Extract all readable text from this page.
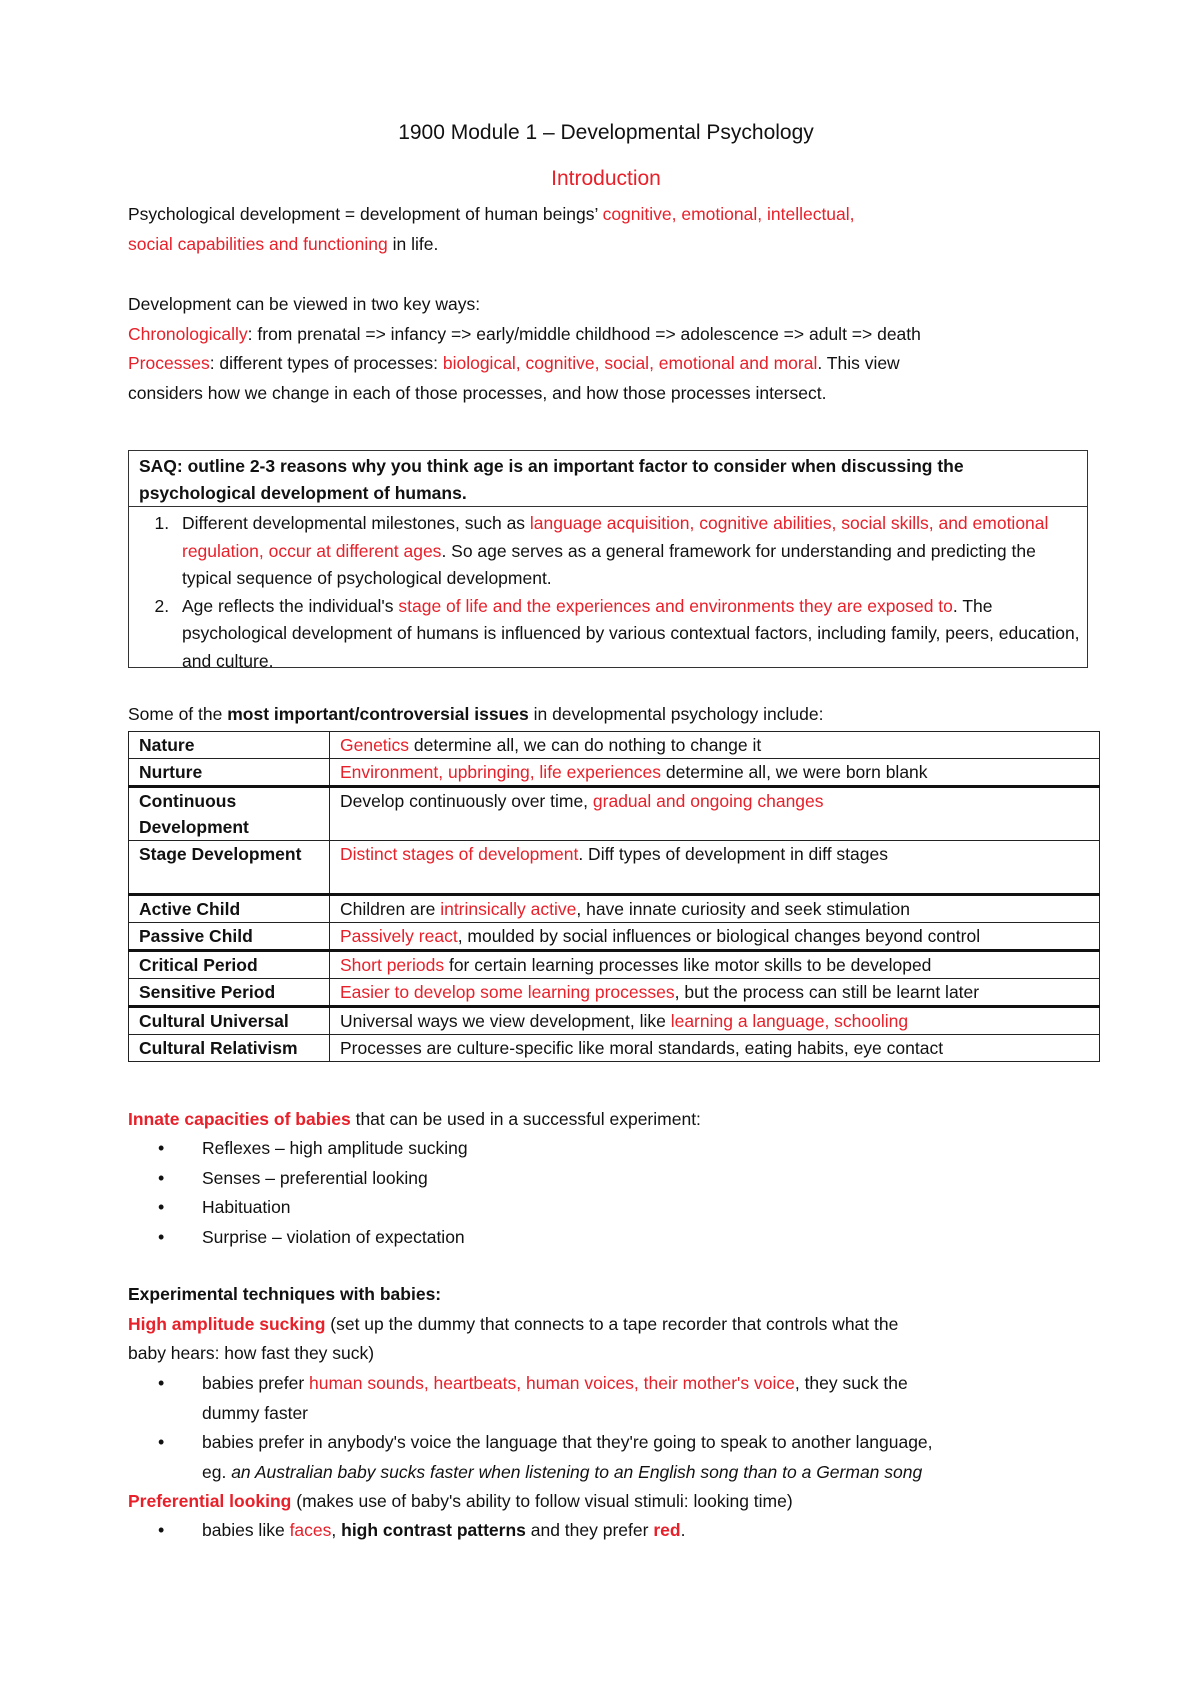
1900 Module 1 – Developmental Psychology
Introduction
Psychological development = development of human beings’ cognitive, emotional, intellectual,
social capabilities and functioning in life.
Development can be viewed in two key ways:
Chronologically: from prenatal => infancy => early/middle childhood => adolescence => adult => death
Processes: different types of processes: biological, cognitive, social, emotional and moral. This view
considers how we change in each of those processes, and how those processes intersect.
SAQ: outline 2-3 reasons why you think age is an important factor to consider when discussing the psychological development of humans.
1. Different developmental milestones, such as language acquisition, cognitive abilities, social skills, and emotional regulation, occur at different ages. So age serves as a general framework for understanding and predicting the typical sequence of psychological development.
2. Age reflects the individual's stage of life and the experiences and environments they are exposed to. The psychological development of humans is influenced by various contextual factors, including family, peers, education, and culture.
Some of the most important/controversial issues in developmental psychology include:
Nature	Genetics determine all, we can do nothing to change it
Nurture	Environment, upbringing, life experiences determine all, we were born blank
Continuous Development	Develop continuously over time, gradual and ongoing changes
Stage Development	Distinct stages of development. Diff types of development in diff stages
Active Child	Children are intrinsically active, have innate curiosity and seek stimulation
Passive Child	Passively react, moulded by social influences or biological changes beyond control
Critical Period	Short periods for certain learning processes like motor skills to be developed
Sensitive Period	Easier to develop some learning processes, but the process can still be learnt later
Cultural Universal	Universal ways we view development, like learning a language, schooling
Cultural Relativism	Processes are culture-specific like moral standards, eating habits, eye contact
Innate capacities of babies that can be used in a successful experiment:
• Reflexes – high amplitude sucking
• Senses – preferential looking
• Habituation
• Surprise – violation of expectation
Experimental techniques with babies:
High amplitude sucking (set up the dummy that connects to a tape recorder that controls what the
baby hears: how fast they suck)
• babies prefer human sounds, heartbeats, human voices, their mother's voice, they suck the
dummy faster
• babies prefer in anybody's voice the language that they're going to speak to another language,
eg. an Australian baby sucks faster when listening to an English song than to a German song
Preferential looking (makes use of baby's ability to follow visual stimuli: looking time)
• babies like faces, high contrast patterns and they prefer red.
